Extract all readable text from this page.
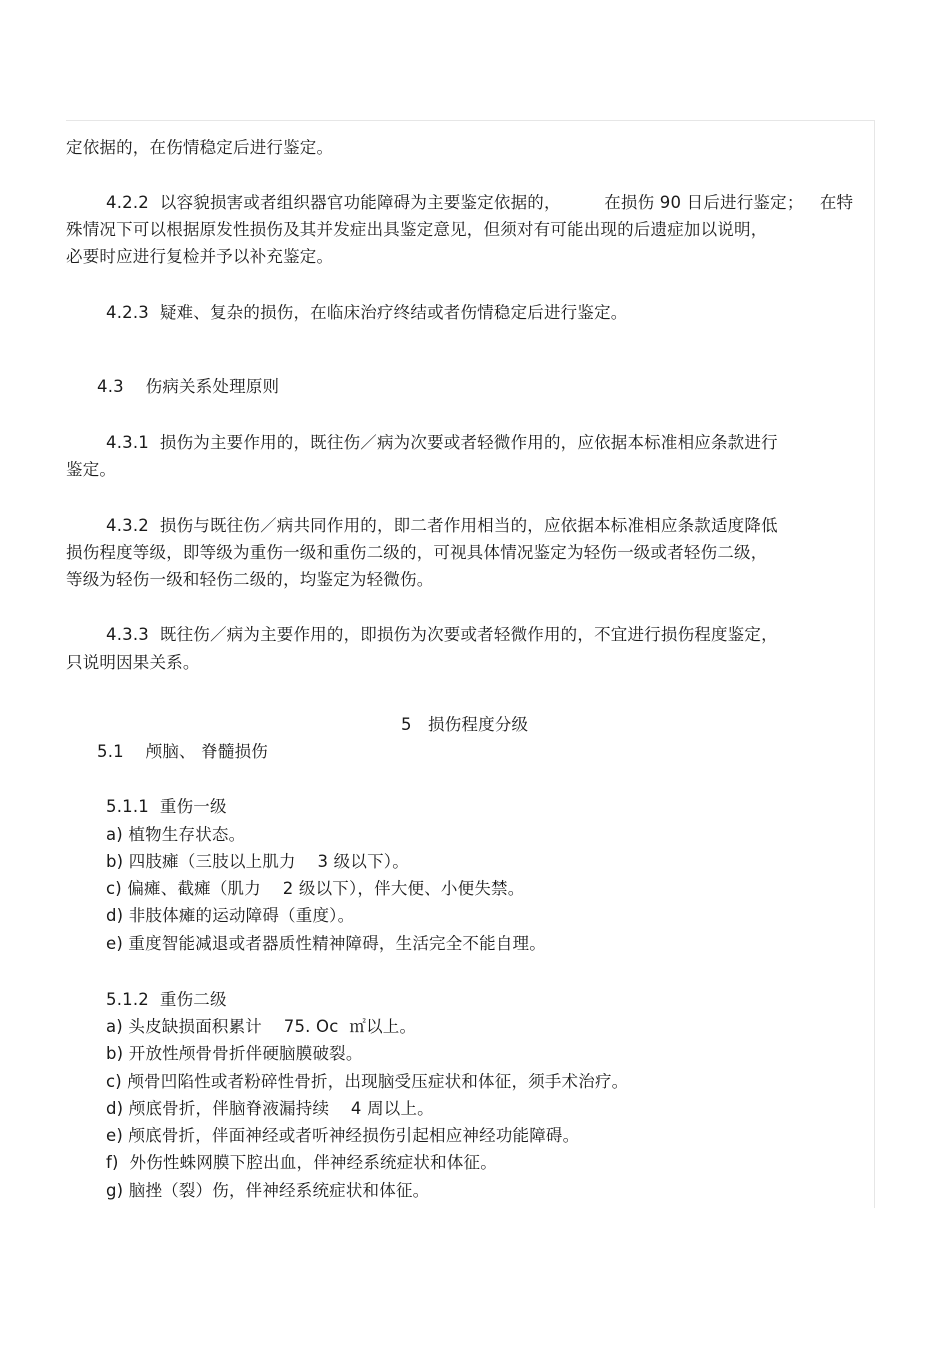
定依据的，在伤情稳定后进行鉴定。
4.2.2  以容貌损害或者组织器官功能障碍为主要鉴定依据的，        在损伤 90 日后进行鉴定；   在特
殊情况下可以根据原发性损伤及其并发症出具鉴定意见，但须对有可能出现的后遗症加以说明，
必要时应进行复检并予以补充鉴定。
4.2.3  疑难、复杂的损伤，在临床治疗终结或者伤情稳定后进行鉴定。
4.3    伤病关系处理原则
4.3.1  损伤为主要作用的，既往伤／病为次要或者轻微作用的，应依据本标准相应条款进行
鉴定。
4.3.2  损伤与既往伤／病共同作用的，即二者作用相当的，应依据本标准相应条款适度降低
损伤程度等级，即等级为重伤一级和重伤二级的，可视具体情况鉴定为轻伤一级或者轻伤二级，
等级为轻伤一级和轻伤二级的，均鉴定为轻微伤。
4.3.3  既往伤／病为主要作用的，即损伤为次要或者轻微作用的，不宜进行损伤程度鉴定，
只说明因果关系。
5   损伤程度分级
5.1    颅脑、 脊髓损伤
5.1.1  重伤一级
a) 植物生存状态。
b) 四肢瘫（三肢以上肌力    3 级以下）。
c) 偏瘫、截瘫（肌力    2 级以下），伴大便、小便失禁。
d) 非肢体瘫的运动障碍（重度）。
e) 重度智能减退或者器质性精神障碍，生活完全不能自理。
5.1.2  重伤二级
a) 头皮缺损面积累计    75. Oc  ㎡以上。
b) 开放性颅骨骨折伴硬脑膜破裂。
c) 颅骨凹陷性或者粉碎性骨折，出现脑受压症状和体征，须手术治疗。
d) 颅底骨折，伴脑脊液漏持续    4 周以上。
e) 颅底骨折，伴面神经或者听神经损伤引起相应神经功能障碍。
f)  外伤性蛛网膜下腔出血，伴神经系统症状和体征。
g) 脑挫（裂）伤，伴神经系统症状和体征。
